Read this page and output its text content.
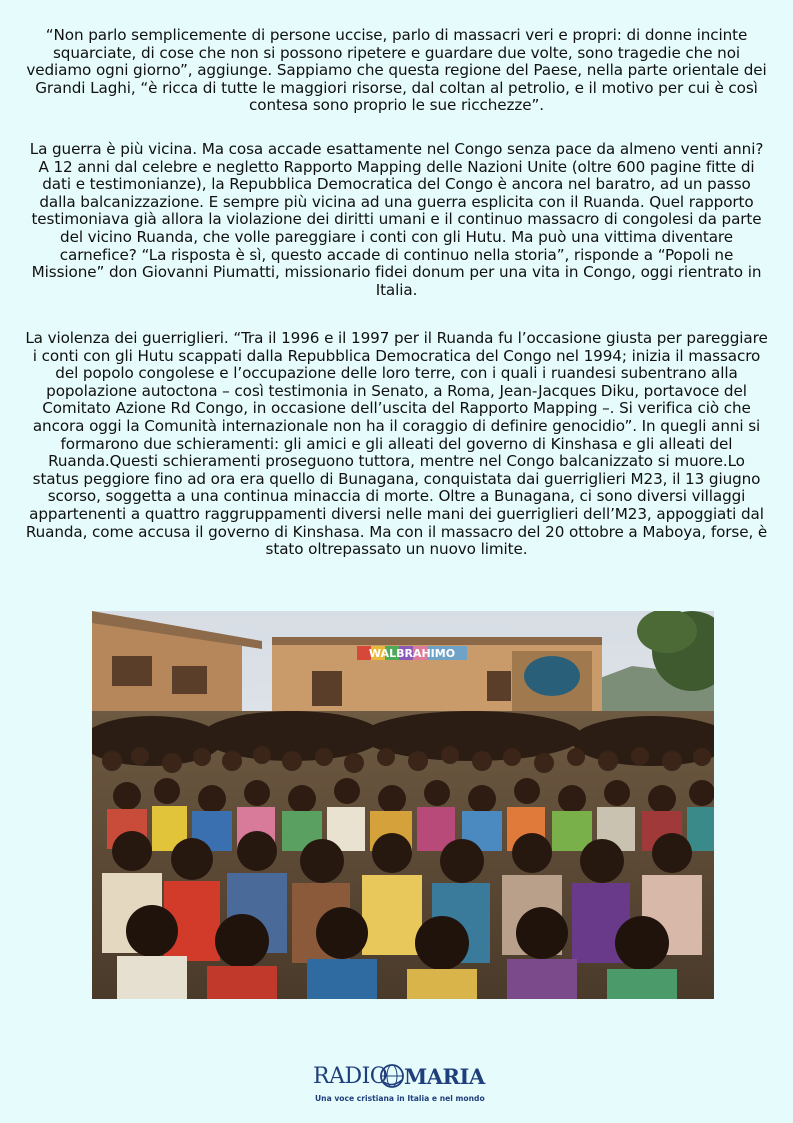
“Non parlo semplicemente di persone uccise, parlo di massacri veri e propri: di donne incinte squarciate, di cose che non si possono ripetere e guardare due volte, sono tragedie che noi vediamo ogni giorno”, aggiunge. Sappiamo che questa regione del Paese, nella parte orientale dei Grandi Laghi, “è ricca di tutte le maggiori risorse, dal coltan al petrolio, e il motivo per cui è così contesa sono proprio le sue ricchezze”.

La guerra è più vicina. Ma cosa accade esattamente nel Congo senza pace da almeno venti anni? A 12 anni dal celebre e negletto Rapporto Mapping delle Nazioni Unite (oltre 600 pagine fitte di dati e testimonianze), la Repubblica Democratica del Congo è ancora nel baratro, ad un passo dalla balcanizzazione. E sempre più vicina ad una guerra esplicita con il Ruanda. Quel rapporto testimoniava già allora la violazione dei diritti umani e il continuo massacro di congolesi da parte del vicino Ruanda, che volle pareggiare i conti con gli Hutu. Ma può una vittima diventare carnefice? “La risposta è sì, questo accade di continuo nella storia”, risponde a “Popoli ne Missione” don Giovanni Piumatti, missionario fidei donum per una vita in Congo, oggi rientrato in Italia.

La violenza dei guerriglieri. “Tra il 1996 e il 1997 per il Ruanda fu l’occasione giusta per pareggiare i conti con gli Hutu scappati dalla Repubblica Democratica del Congo nel 1994; inizia il massacro del popolo congolese e l’occupazione delle loro terre, con i quali i ruandesi subentrano alla popolazione autoctona – così testimonia in Senato, a Roma, Jean-Jacques Diku, portavoce del Comitato Azione Rd Congo, in occasione dell’uscita del Rapporto Mapping –. Si verifica ciò che ancora oggi la Comunità internazionale non ha il coraggio di definire genocidio”. In quegli anni si formarono due schieramenti: gli amici e gli alleati del governo di Kinshasa e gli alleati del Ruanda.Questi schieramenti proseguono tuttora, mentre nel Congo balcanizzato si muore.Lo status peggiore fino ad ora era quello di Bunagana, conquistata dai guerriglieri M23, il 13 giugno scorso, soggetta a una continua minaccia di morte. Oltre a Bunagana, ci sono diversi villaggi appartenenti a quattro raggruppamenti diversi nelle mani dei guerriglieri dell’M23, appoggiati dal Ruanda, come accusa il governo di Kinshasa. Ma con il massacro del 20 ottobre a Maboya, forse, è stato oltrepassato un nuovo limite.

WALBRAHIMO
RADIO MARIA
Una voce cristiana in Italia e nel mondo
